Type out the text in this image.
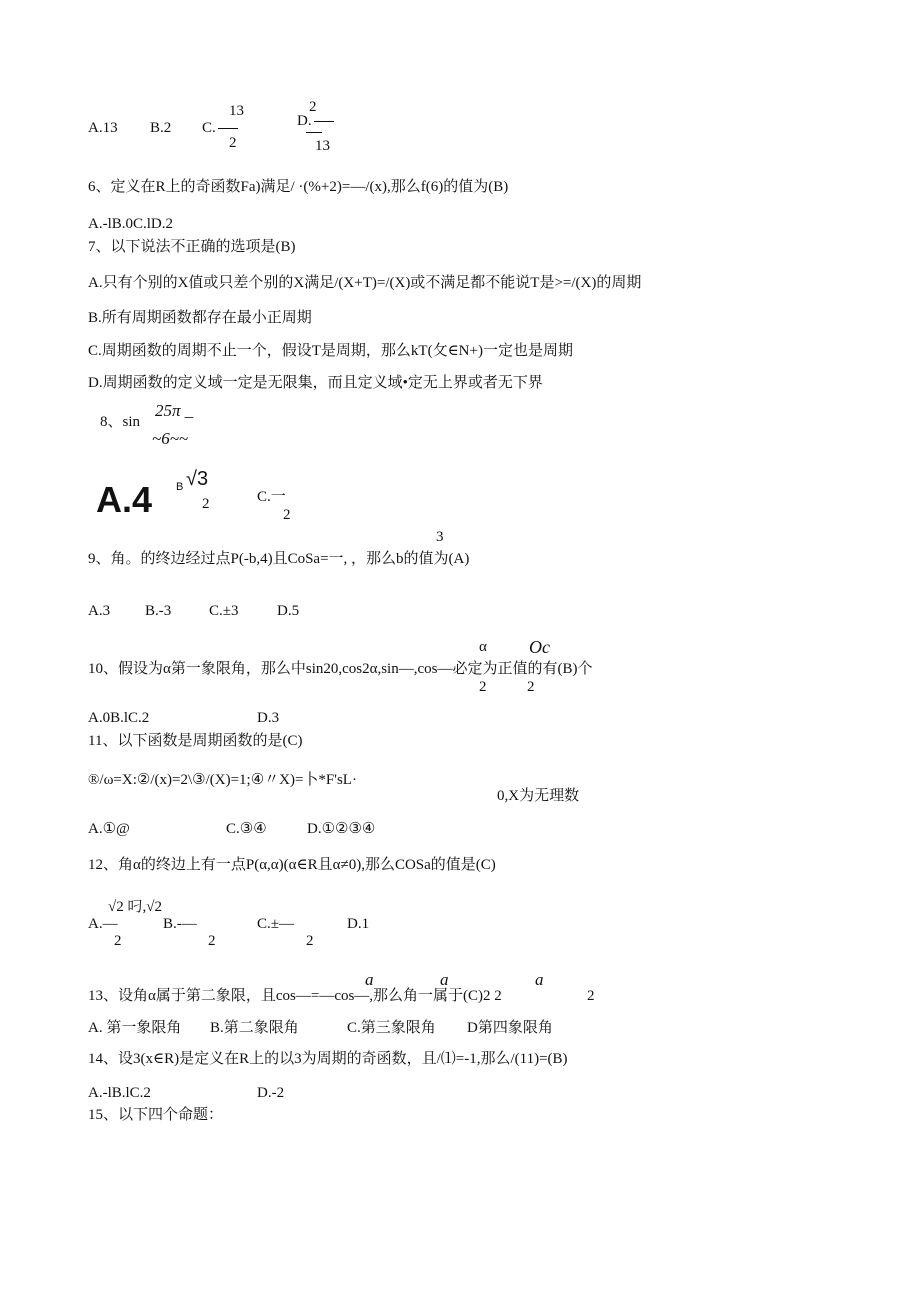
A.13 B.2 C.
13
2
D.
2
13
6、定义在R上的奇函数Fa)满足/ ·(%+2)=—/(x),那么f(6)的值为(B)
A.-lB.0C.lD.2
7、以下说法不正确的选项是(B)
A.只有个别的X值或只差个别的X满足/(X+T)=/(X)或不满足都不能说T是>=/(X)的周期
B.所有周期函数都存在最小正周期
C.周期函数的周期不止一个，假设T是周期，那么kT(攵∈N+)一定也是周期
D.周期函数的定义域一定是无限集，而且定义域•定无上界或者无下界
8、sin
25π _
~6~~
A.4 B √3
2	C.一
2
3
9、角。的终边经过点P(-b,4)且CoSa=一, ，那么b的值为(A)
A.3 B.-3	C.±3	D.5
α Oc
10、假设为α第一象限角，那么中sin20,cos2α,sin—,cos—必定为正值的有(B)个
2	2
A.0B.lC.2	D.3
11、以下函数是周期函数的是(C)
®/ω=X:②/(x)=2\③/(X)=1;④〃X)=卜*F'sL·
0,X为无理数
A.①@	C.③④	D.①②③④
12、角α的终边上有一点P(α,α)(α∈R且α≠0),那么COSa的值是(C)
√2 叼,√2
A.—	B.-—	C.±—	D.1
2	2	2
a	a	a
13、设角α属于第二象限，且cos—=—cos—,那么角一属于(C)2 2	2
A. 第一象限角 B.第二象限角	C.第三象限角 D第四象限角
14、设3(x∈R)是定义在R上的以3为周期的奇函数，且/⑴=-1,那么/(11)=(B)
A.-lB.lC.2	D.-2
15、以下四个命题：
